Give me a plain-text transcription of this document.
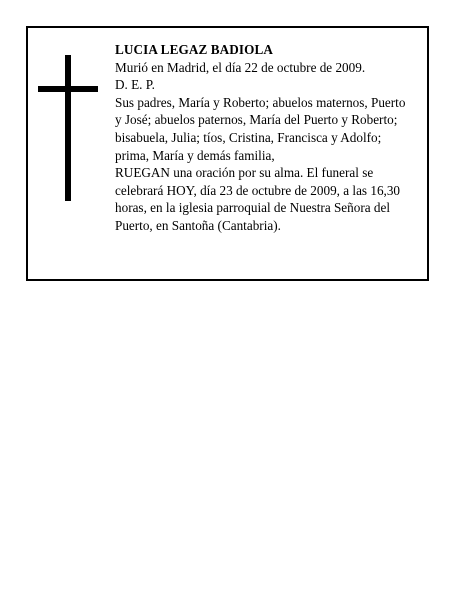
LUCIA LEGAZ BADIOLA
Murió en Madrid, el día 22 de octubre de 2009.
D. E. P.
Sus padres, María y Roberto; abuelos maternos, Puerto
y José; abuelos paternos, María del Puerto y Roberto;
bisabuela, Julia; tíos, Cristina, Francisca y Adolfo;
prima, María y demás familia,
RUEGAN una oración por su alma. El funeral se
celebrará HOY, día 23 de octubre de 2009, a las 16,30
horas, en la iglesia parroquial de Nuestra Señora del
Puerto, en Santoña (Cantabria).
